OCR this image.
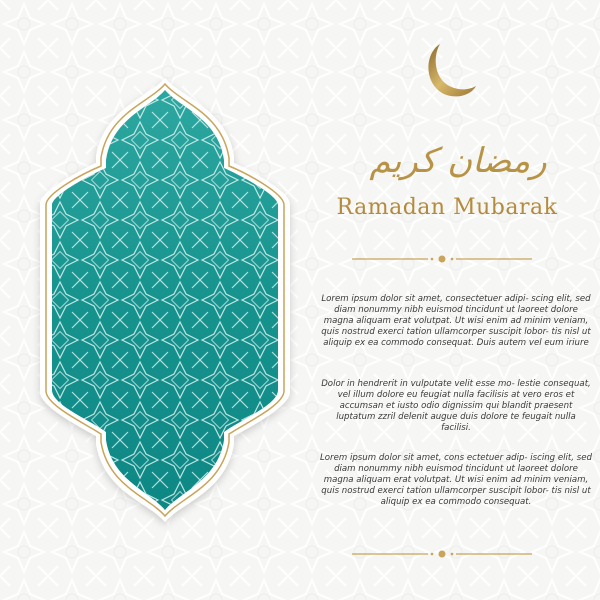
رمضان كريم
Ramadan Mubarak

Lorem ipsum dolor sit amet, consectetuer adipi- scing elit, sed diam nonummy nibh euismod tincidunt ut laoreet dolore magna aliquam erat volutpat. Ut wisi enim ad minim veniam, quis nostrud exerci tation ullamcorper suscipit lobor- tis nisl ut aliquip ex ea commodo consequat. Duis autem vel eum iriure

Dolor in hendrerit in vulputate velit esse mo- lestie consequat, vel illum dolore eu feugiat nulla facilisis at vero eros et accumsan et iusto odio dignissim qui blandit praesent luptatum zzril delenit augue duis dolore te feugait nulla facilisi.

Lorem ipsum dolor sit amet, cons ectetuer adip- iscing elit, sed diam nonummy nibh euismod tincidunt ut laoreet dolore magna aliquam erat volutpat. Ut wisi enim ad minim veniam, quis nostrud exerci tation ullamcorper suscipit lobor- tis nisl ut aliquip ex ea commodo consequat.
